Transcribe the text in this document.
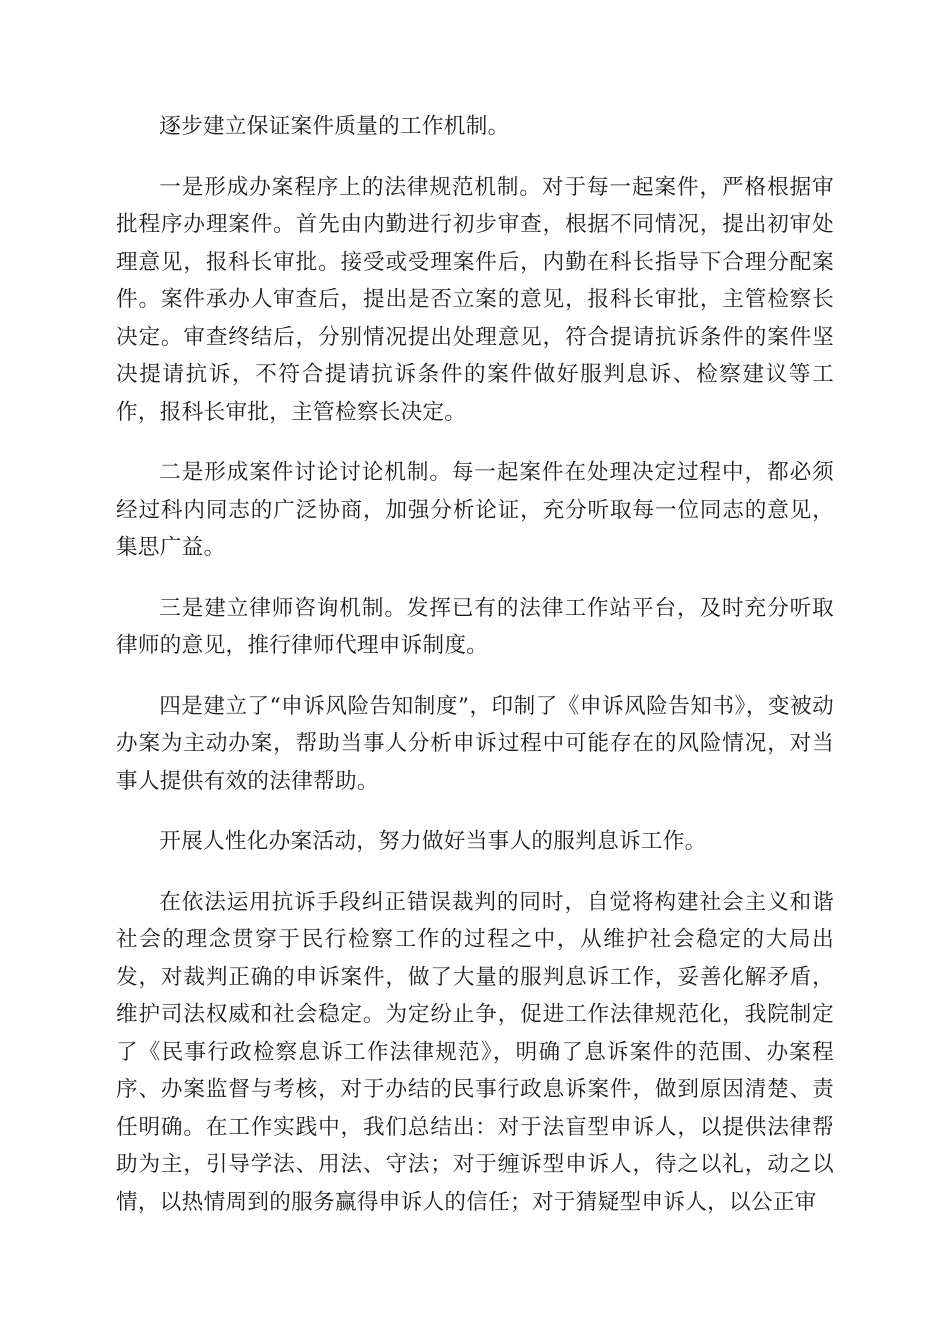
逐步建立保证案件质量的工作机制。

一是形成办案程序上的法律规范机制。对于每一起案件，严格根据审批程序办理案件。首先由内勤进行初步审查，根据不同情况，提出初审处理意见，报科长审批。接受或受理案件后，内勤在科长指导下合理分配案件。案件承办人审查后，提出是否立案的意见，报科长审批，主管检察长决定。审查终结后，分别情况提出处理意见，符合提请抗诉条件的案件坚决提请抗诉，不符合提请抗诉条件的案件做好服判息诉、检察建议等工作，报科长审批，主管检察长决定。

二是形成案件讨论讨论机制。每一起案件在处理决定过程中，都必须经过科内同志的广泛协商，加强分析论证，充分听取每一位同志的意见，集思广益。

三是建立律师咨询机制。发挥已有的法律工作站平台，及时充分听取律师的意见，推行律师代理申诉制度。

四是建立了“申诉风险告知制度”，印制了《申诉风险告知书》，变被动办案为主动办案，帮助当事人分析申诉过程中可能存在的风险情况，对当事人提供有效的法律帮助。

开展人性化办案活动，努力做好当事人的服判息诉工作。

在依法运用抗诉手段纠正错误裁判的同时，自觉将构建社会主义和谐社会的理念贯穿于民行检察工作的过程之中，从维护社会稳定的大局出发，对裁判正确的申诉案件，做了大量的服判息诉工作，妥善化解矛盾，维护司法权威和社会稳定。为定纷止争，促进工作法律规范化，我院制定了《民事行政检察息诉工作法律规范》，明确了息诉案件的范围、办案程序、办案监督与考核，对于办结的民事行政息诉案件，做到原因清楚、责任明确。在工作实践中，我们总结出：对于法盲型申诉人，以提供法律帮助为主，引导学法、用法、守法；对于缠诉型申诉人，待之以礼，动之以情，以热情周到的服务赢得申诉人的信任；对于猜疑型申诉人，以公正审
